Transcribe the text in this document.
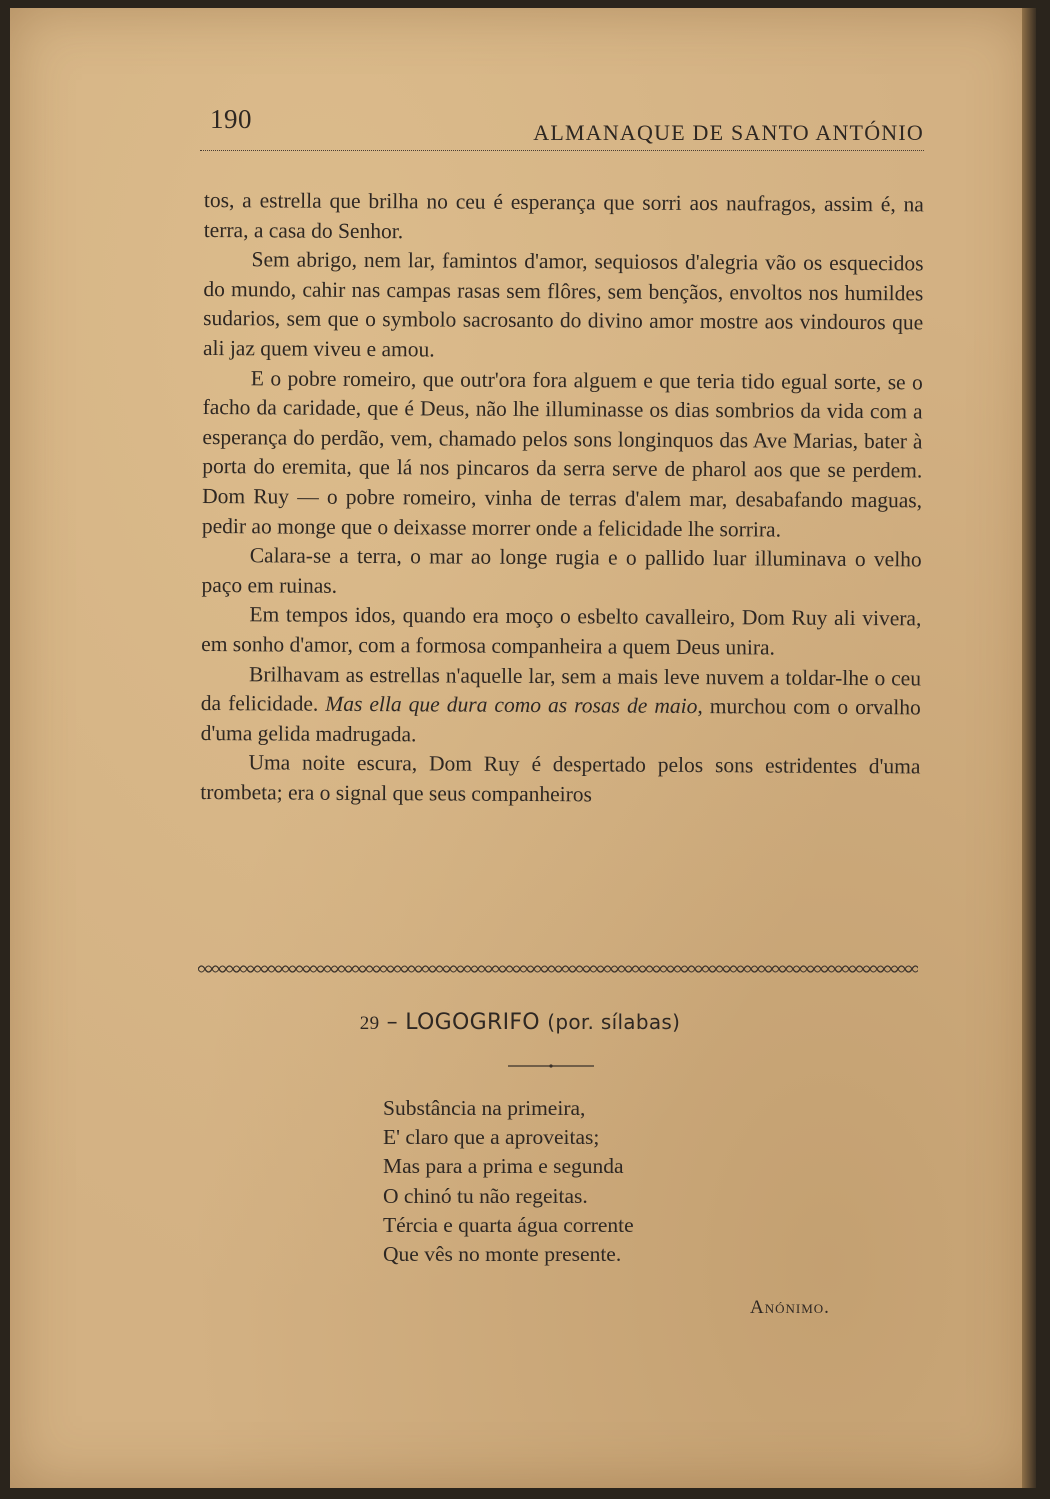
190	ALMANAQUE DE SANTO ANTÓNIO

tos, a estrella que brilha no ceu é esperança que sorri aos naufragos, assim é, na terra, a casa do Senhor.

Sem abrigo, nem lar, famintos d'amor, sequiosos d'alegria vão os esquecidos do mundo, cahir nas campas rasas sem flôres, sem bençãos, envoltos nos humildes sudarios, sem que o symbolo sacrosanto do divino amor mostre aos vindouros que ali jaz quem viveu e amou.

E o pobre romeiro, que outr'ora fora alguem e que teria tido egual sorte, se o facho da caridade, que é Deus, não lhe illuminasse os dias sombrios da vida com a esperança do perdão, vem, chamado pelos sons longinquos das Ave Marias, bater à porta do eremita, que lá nos pincaros da serra serve de pharol aos que se perdem. Dom Ruy — o pobre romeiro, vinha de terras d'alem mar, desabafando maguas, pedir ao monge que o deixasse morrer onde a felicidade lhe sorrira.

Calara-se a terra, o mar ao longe rugia e o pallido luar illuminava o velho paço em ruinas.

Em tempos idos, quando era moço o esbelto cavalleiro, Dom Ruy ali vivera, em sonho d'amor, com a formosa companheira a quem Deus unira.

Brilhavam as estrellas n'aquelle lar, sem a mais leve nuvem a toldar-lhe o ceu da felicidade. Mas ella que dura como as rosas de maio, murchou com o orvalho d'uma gelida madrugada.

Uma noite escura, Dom Ruy é despertado pelos sons estridentes d'uma trombeta; era o signal que seus companheiros

29 – LOGOGRIFO (por. sílabas)
Substância na primeira,
E' claro que a aproveitas;
Mas para a prima e segunda
O chinó tu não regeitas.
Tércia e quarta água corrente
Que vês no monte presente.
Anónimo.
